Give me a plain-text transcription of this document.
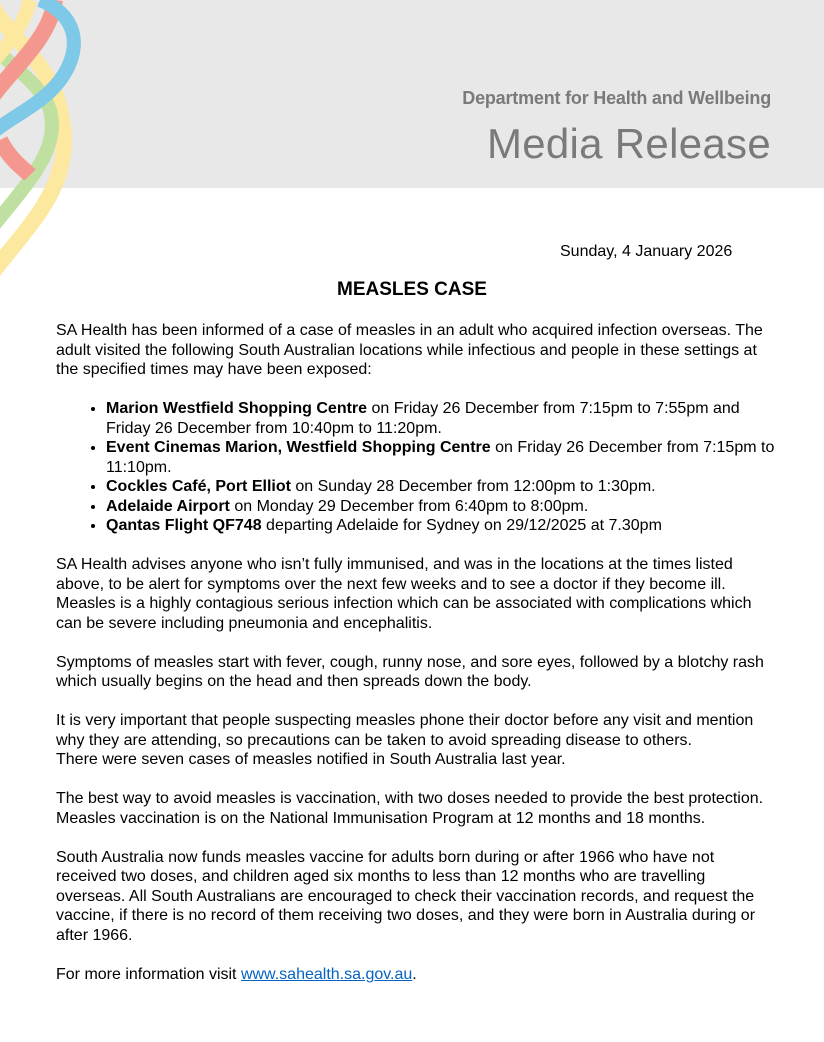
Department for Health and Wellbeing
Media Release
Sunday, 4 January 2026
MEASLES CASE

SA Health has been informed of a case of measles in an adult who acquired infection overseas. The adult visited the following South Australian locations while infectious and people in these settings at the specified times may have been exposed:

• Marion Westfield Shopping Centre on Friday 26 December from 7:15pm to 7:55pm and Friday 26 December from 10:40pm to 11:20pm.
• Event Cinemas Marion, Westfield Shopping Centre on Friday 26 December from 7:15pm to 11:10pm.
• Cockles Café, Port Elliot on Sunday 28 December from 12:00pm to 1:30pm.
• Adelaide Airport on Monday 29 December from 6:40pm to 8:00pm.
• Qantas Flight QF748 departing Adelaide for Sydney on 29/12/2025 at 7.30pm

SA Health advises anyone who isn’t fully immunised, and was in the locations at the times listed above, to be alert for symptoms over the next few weeks and to see a doctor if they become ill. Measles is a highly contagious serious infection which can be associated with complications which can be severe including pneumonia and encephalitis.

Symptoms of measles start with fever, cough, runny nose, and sore eyes, followed by a blotchy rash which usually begins on the head and then spreads down the body.

It is very important that people suspecting measles phone their doctor before any visit and mention why they are attending, so precautions can be taken to avoid spreading disease to others.

There were seven cases of measles notified in South Australia last year.

The best way to avoid measles is vaccination, with two doses needed to provide the best protection. Measles vaccination is on the National Immunisation Program at 12 months and 18 months.

South Australia now funds measles vaccine for adults born during or after 1966 who have not received two doses, and children aged six months to less than 12 months who are travelling overseas. All South Australians are encouraged to check their vaccination records, and request the vaccine, if there is no record of them receiving two doses, and they were born in Australia during or after 1966.

For more information visit www.sahealth.sa.gov.au.
